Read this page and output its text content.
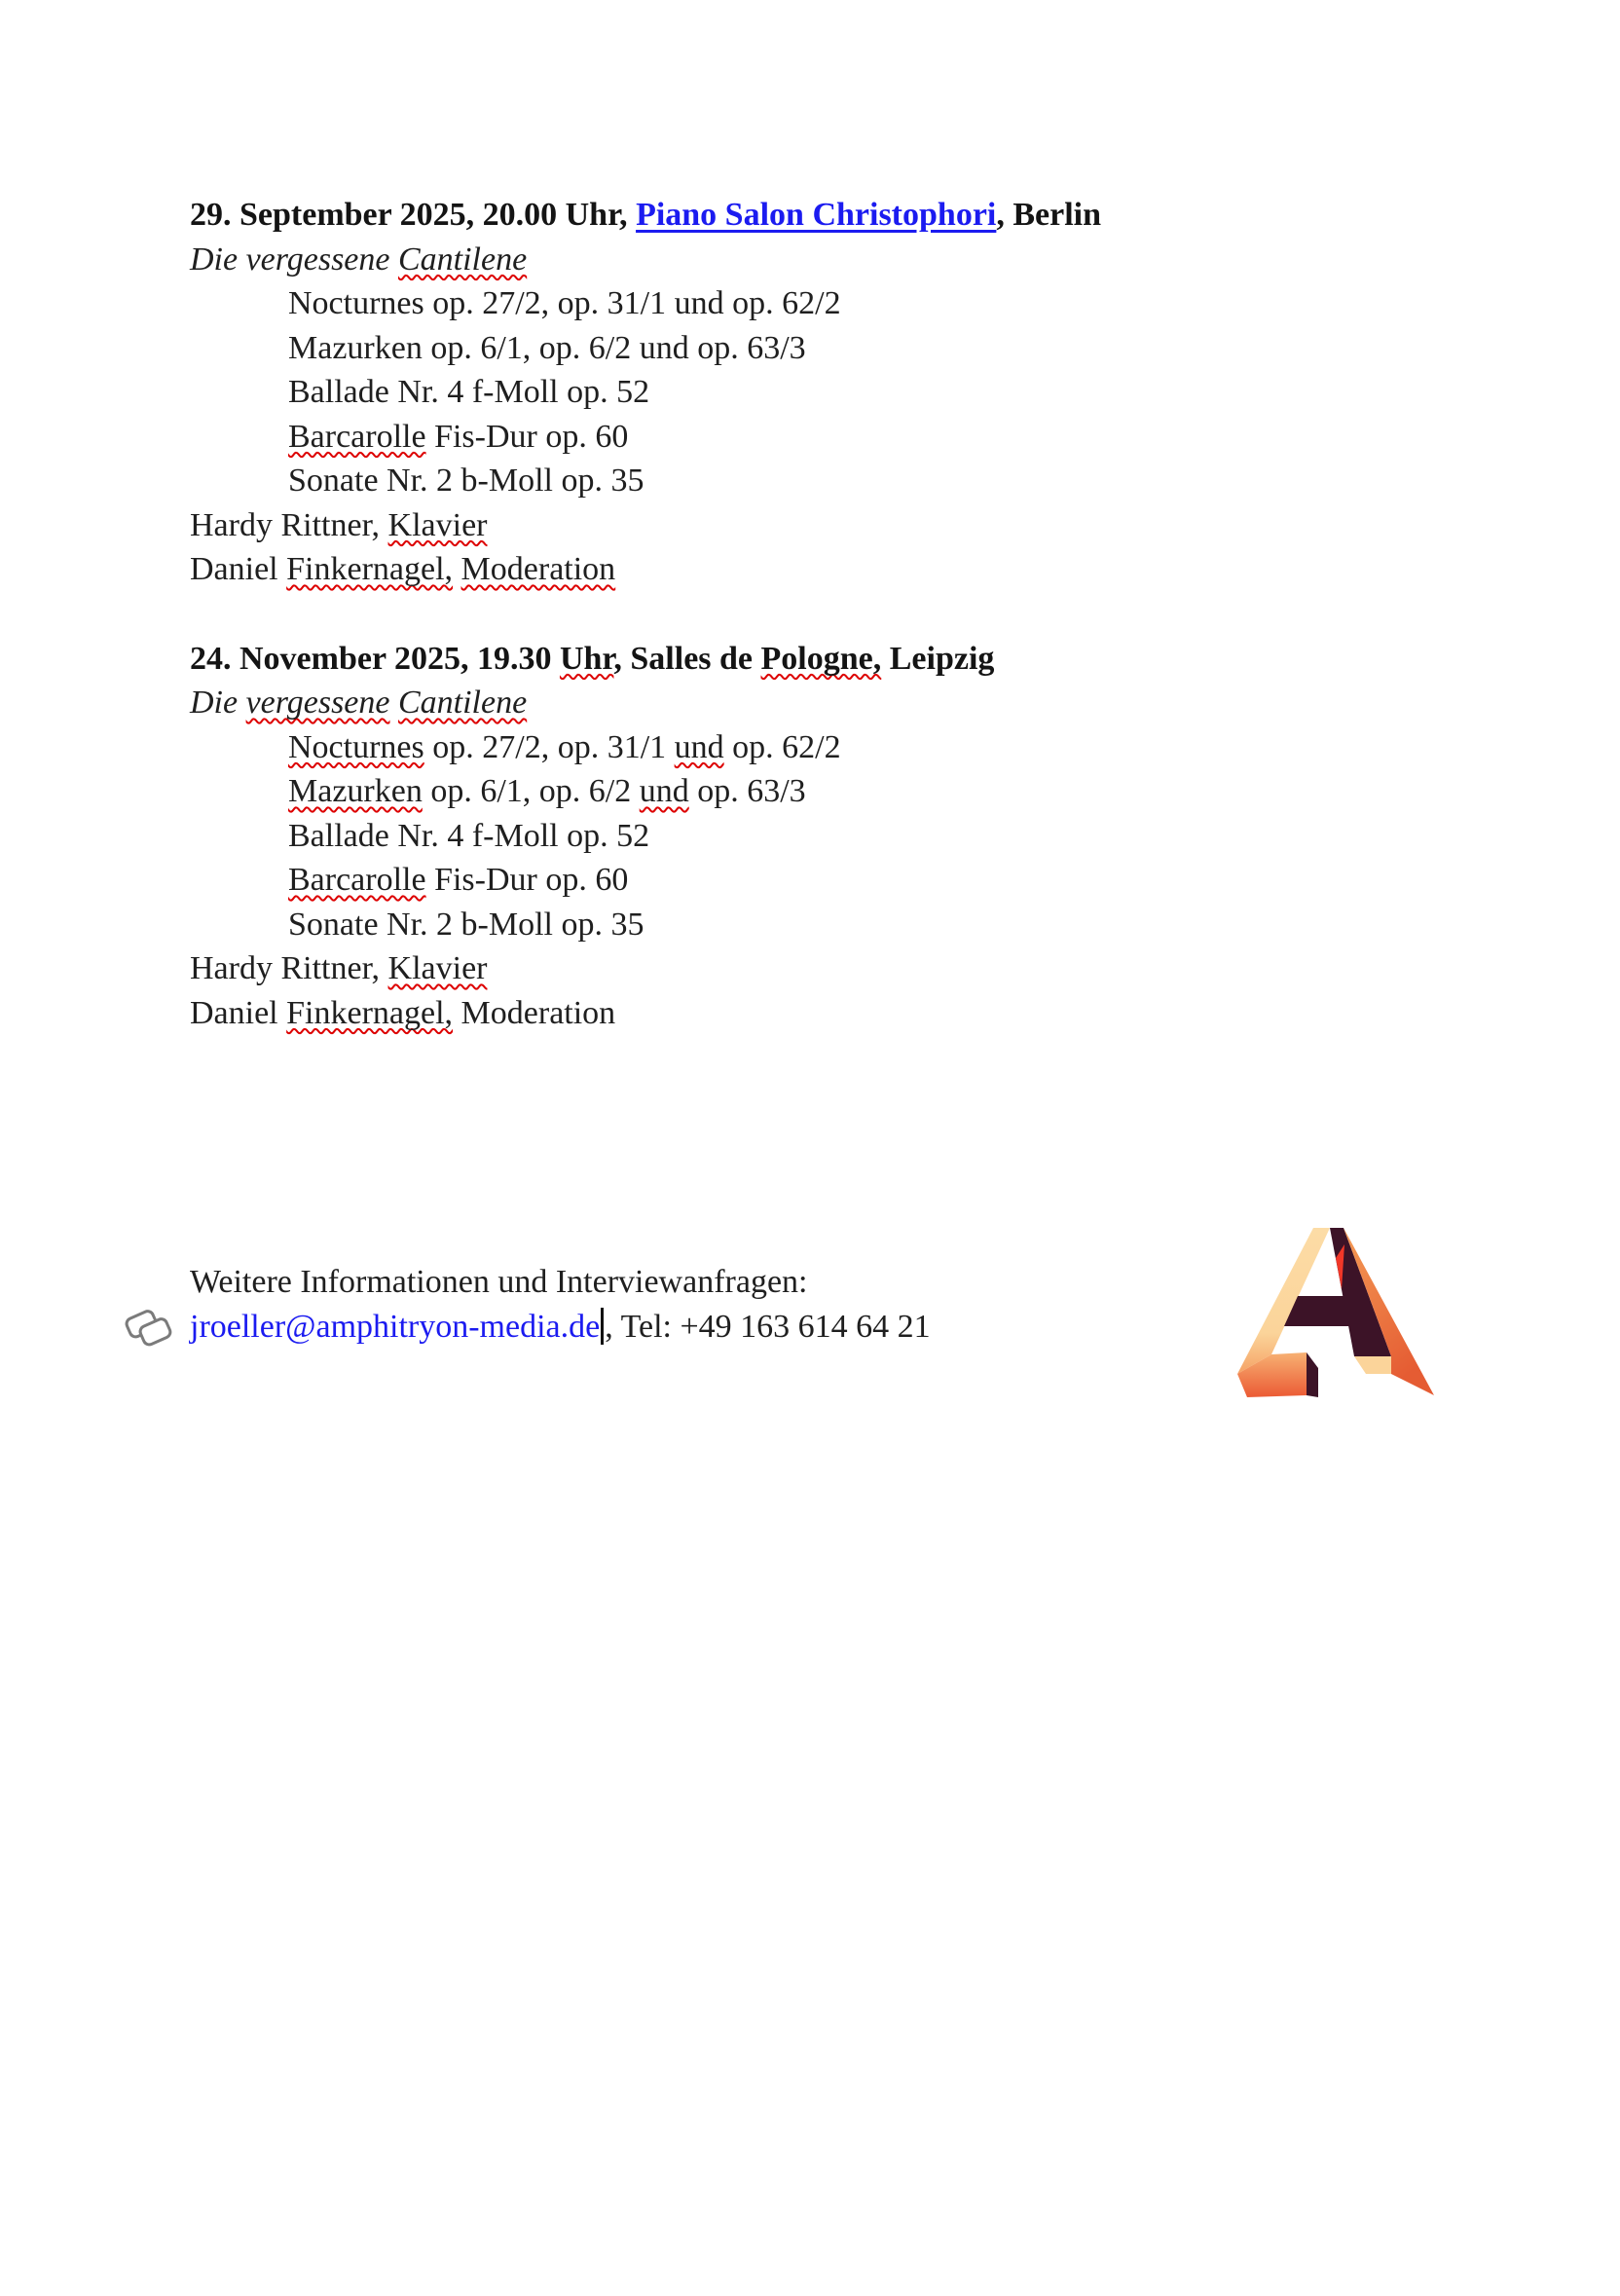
29. September 2025, 20.00 Uhr, Piano Salon Christophori, Berlin
Die vergessene Cantilene
Nocturnes op. 27/2, op. 31/1 und op. 62/2
Mazurken op. 6/1, op. 6/2 und op. 63/3
Ballade Nr. 4 f-Moll op. 52
Barcarolle Fis-Dur op. 60
Sonate Nr. 2 b-Moll op. 35
Hardy Rittner, Klavier
Daniel Finkernagel, Moderation
24. November 2025, 19.30 Uhr, Salles de Pologne, Leipzig
Die vergessene Cantilene
Nocturnes op. 27/2, op. 31/1 und op. 62/2
Mazurken op. 6/1, op. 6/2 und op. 63/3
Ballade Nr. 4 f-Moll op. 52
Barcarolle Fis-Dur op. 60
Sonate Nr. 2 b-Moll op. 35
Hardy Rittner, Klavier
Daniel Finkernagel, Moderation
Weitere Informationen und Interviewanfragen:
jroeller@amphitryon-media.de , Tel: +49 163 614 64 21
